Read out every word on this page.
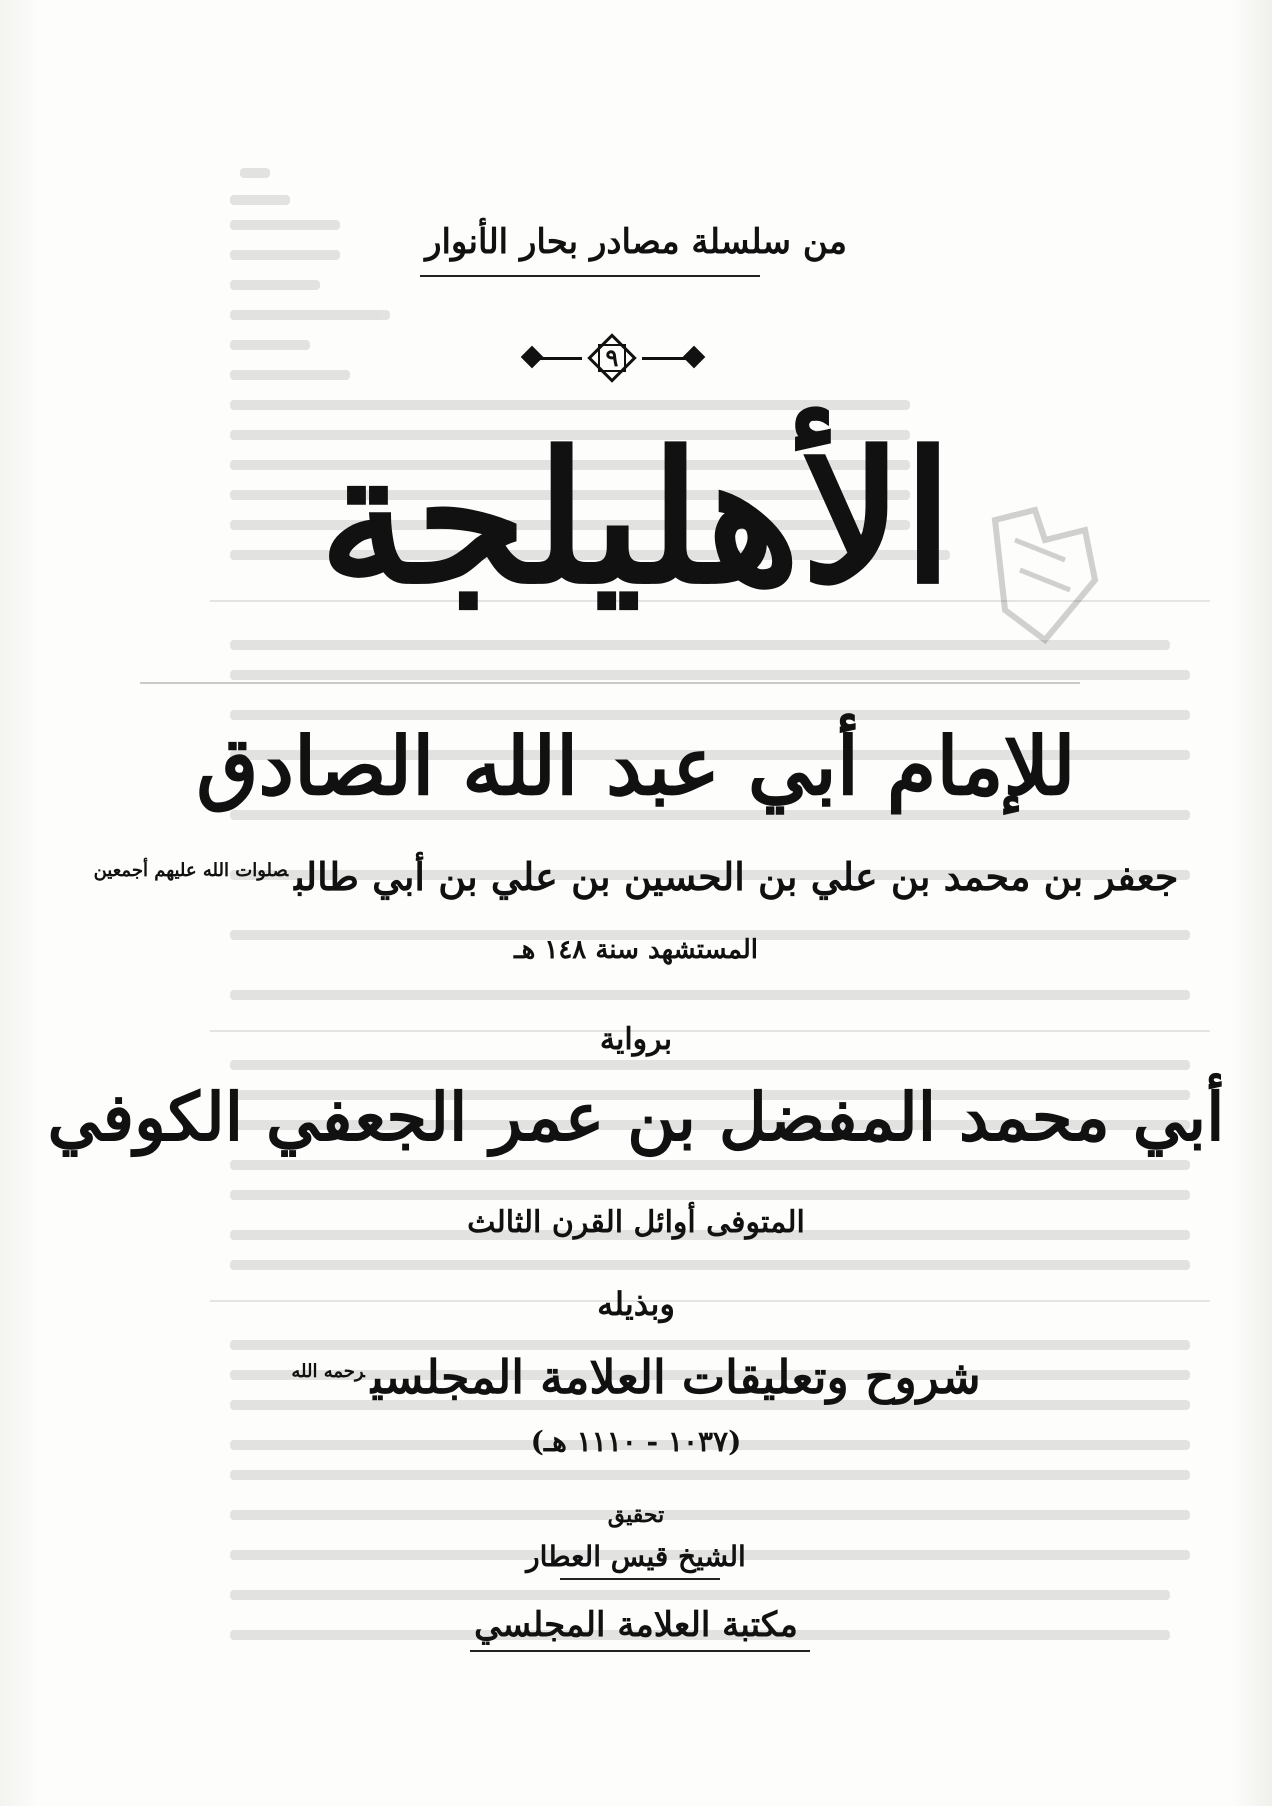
من سلسلة مصادر بحار الأنوار
٩
الأهليلجة
للإمام أبي عبد الله الصادق
جعفر بن محمد بن علي بن الحسين بن علي بن أبي طالب$^{صلوات الله عليهم أجمعين}$
المستشهد سنة ١٤٨ هـ
برواية
أبي محمد المفضل بن عمر الجعفي الكوفي
المتوفى أوائل القرن الثالث
وبذيله
شروح وتعليقات العلامة المجلسي$^{رحمه الله}$
(١٠٣٧ - ١١١٠ هـ)
تحقيق
الشيخ قيس العطار
مكتبة العلامة المجلسي
